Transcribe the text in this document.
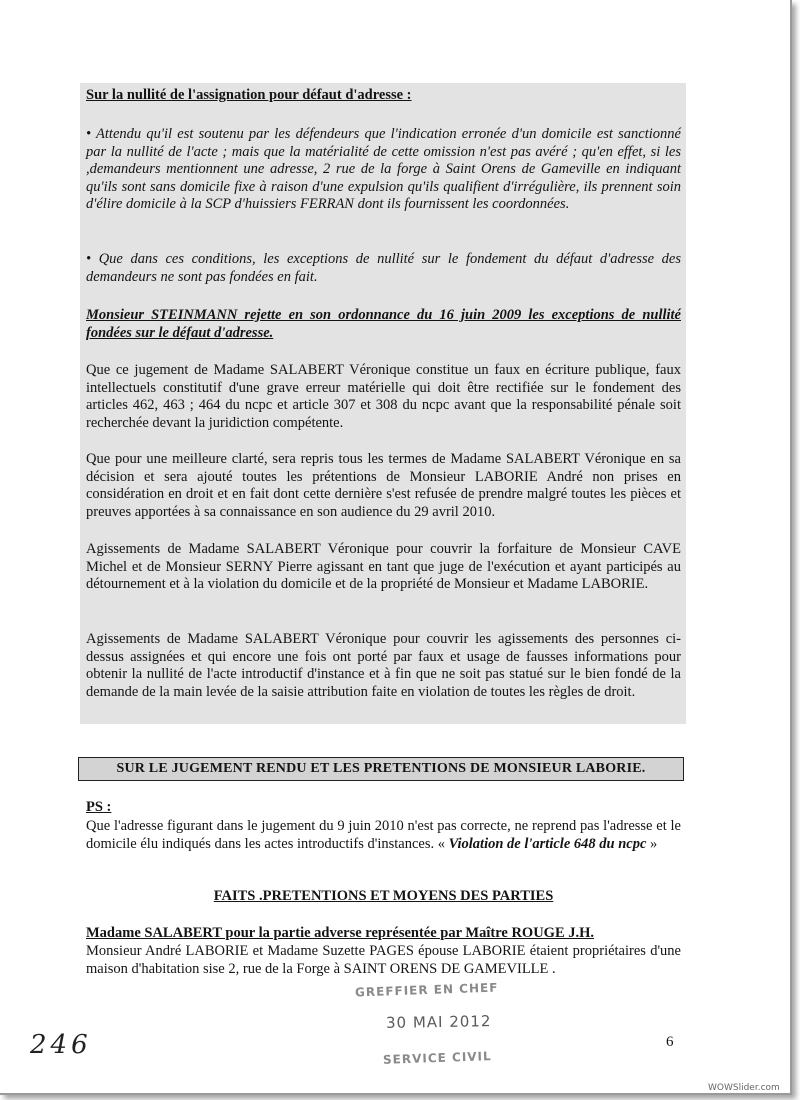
Sur la nullité de l'assignation pour défaut d'adresse :

• Attendu qu'il est soutenu par les défendeurs que l'indication erronée d'un domicile est sanctionné par la nullité de l'acte ; mais que la matérialité de cette omission n'est pas avéré ; qu'en effet, si les ,demandeurs mentionnent une adresse, 2 rue de la forge à Saint Orens de Gameville en indiquant qu'ils sont sans domicile fixe à raison d'une expulsion qu'ils qualifient d'irrégulière, ils prennent soin d'élire domicile à la SCP d'huissiers FERRAN dont ils fournissent les coordonnées.

• Que dans ces conditions, les exceptions de nullité sur le fondement du défaut d'adresse des demandeurs ne sont pas fondées en fait.

Monsieur STEINMANN rejette en son ordonnance du 16 juin 2009 les exceptions de nullité fondées sur le défaut d'adresse.

Que ce jugement de Madame SALABERT Véronique constitue un faux en écriture publique, faux intellectuels constitutif d'une grave erreur matérielle qui doit être rectifiée sur le fondement des articles 462, 463 ; 464 du ncpc et article 307 et 308 du ncpc avant que la responsabilité pénale soit recherchée devant la juridiction compétente.

Que pour une meilleure clarté, sera repris tous les termes de Madame SALABERT Véronique en sa décision et sera ajouté toutes les prétentions de Monsieur LABORIE André non prises en considération en droit et en fait dont cette dernière s'est refusée de prendre malgré toutes les pièces et preuves apportées à sa connaissance en son audience du 29 avril 2010.

Agissements de Madame SALABERT Véronique pour couvrir la forfaiture de Monsieur CAVE Michel et de Monsieur SERNY Pierre agissant en tant que juge de l'exécution et ayant participés au détournement et à la violation du domicile et de la propriété de Monsieur et Madame LABORIE.

Agissements de Madame SALABERT Véronique pour couvrir les agissements des personnes ci-dessus assignées et qui encore une fois ont porté par faux et usage de fausses informations pour obtenir la nullité de l'acte introductif d'instance et à fin que ne soit pas statué sur le bien fondé de la demande de la main levée de la saisie attribution faite en violation de toutes les règles de droit.

SUR LE JUGEMENT RENDU ET LES PRETENTIONS DE MONSIEUR LABORIE.

PS :

Que l'adresse figurant dans le jugement du 9 juin 2010 n'est pas correcte, ne reprend pas l'adresse et le domicile élu indiqués dans les actes introductifs d'instances. « Violation de l'article 648 du ncpc »

FAITS .PRETENTIONS ET MOYENS DES PARTIES

Madame SALABERT pour la partie adverse représentée par Maître ROUGE J.H.

Monsieur André LABORIE et Madame Suzette PAGES épouse LABORIE étaient propriétaires d'une maison d'habitation sise 2, rue de la Forge à SAINT ORENS DE GAMEVILLE .

GREFFIER EN CHEF
30 MAI 2012
SERVICE CIVIL
246	6
WOWSlider.com
